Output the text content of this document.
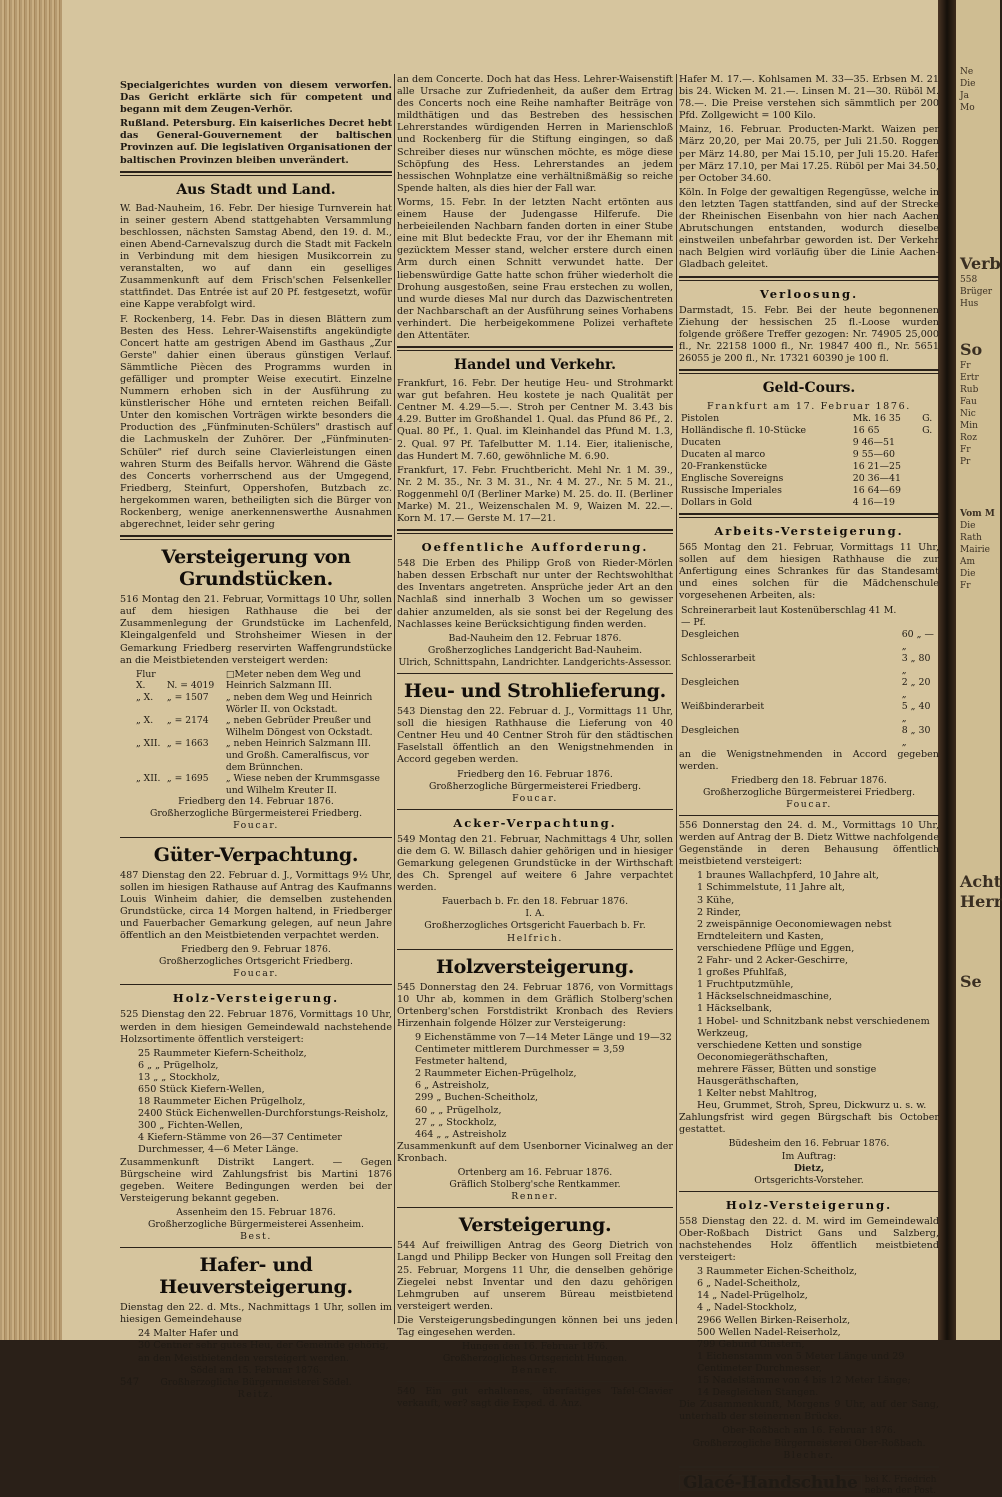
Specialgerichtes wurden von diesem verworfen. Das Gericht erklärte sich für competent und begann mit dem Zeugen-Verhör.

Rußland. Petersburg. Ein kaiserliches Decret hebt das General-Gouvernement der baltischen Provinzen auf. Die legislativen Organisationen der baltischen Provinzen bleiben unverändert.

Aus Stadt und Land.

W. Bad-Nauheim, 16. Febr. Der hiesige Turnverein hat in seiner gestern Abend stattgehabten Versammlung beschlossen, nächsten Samstag Abend, den 19. d. M., einen Abend-Carnevalszug durch die Stadt mit Fackeln in Verbindung mit dem hiesigen Musikcorrein zu veranstalten, wo auf dann ein geselliges Zusammenkunft auf dem Frisch'schen Felsenkeller stattfindet. Das Entrée ist auf 20 Pf. festgesetzt, wofür eine Kappe verabfolgt wird.

F. Rockenberg, 14. Febr. Das in diesen Blättern zum Besten des Hess. Lehrer-Waisenstifts angekündigte Concert hatte am gestrigen Abend im Gasthaus „Zur Gerste" dahier einen überaus günstigen Verlauf. Sämmtliche Piècen des Programms wurden in gefälliger und prompter Weise executirt. Einzelne Nummern erhoben sich in der Ausführung zu künstlerischer Höhe und ernteten reichen Beifall. Unter den komischen Vorträgen wirkte besonders die Production des „Fünfminuten-Schülers" drastisch auf die Lachmuskeln der Zuhörer. Der „Fünfminuten-Schüler" rief durch seine Clavierleistungen einen wahren Sturm des Beifalls hervor. Während die Gäste des Concerts vorherrschend aus der Umgegend, Friedberg, Steinfurt, Oppershofen, Butzbach zc. hergekommen waren, betheiligten sich die Bürger von Rockenberg, wenige anerkennenswerthe Ausnahmen abgerechnet, leider sehr gering

Versteigerung von Grundstücken.

516 Montag den 21. Februar, Vormittags 10 Uhr, sollen auf dem hiesigen Rathhause die bei der Zusammenlegung der Grundstücke im Lachenfeld, Kleingalgenfeld und Strohsheimer Wiesen in der Gemarkung Friedberg reservirten Waffengrundstücke an die Meistbietenden versteigert werden:

Flur X. N. = 4019 □Meter neben dem Weg und Heinrich Salzmann III.
„ X. „ = 1507 „ neben dem Weg und Heinrich Wörler II. von Ockstadt.
„ X. „ = 2174 „ neben Gebrüder Preußer und Wilhelm Döngest von Ockstadt.
„ XII. „ = 1663 „ neben Heinrich Salzmann III. und Großh. Cameralfiscus, vor dem Brünnchen.
„ XII. „ = 1695 „ Wiese neben der Krummsgasse und Wilhelm Kreuter II.
Friedberg den 14. Februar 1876.
Großherzogliche Bürgermeisterei Friedberg.
Foucar.
Güter-Verpachtung.

487 Dienstag den 22. Februar d. J., Vormittags 9½ Uhr, sollen im hiesigen Rathause auf Antrag des Kaufmanns Louis Winheim dahier, die demselben zustehenden Grundstücke, circa 14 Morgen haltend, in Friedberger und Fauerbacher Gemarkung gelegen, auf neun Jahre öffentlich an den Meistbietenden verpachtet werden.

Friedberg den 9. Februar 1876.
Großherzogliches Ortsgericht Friedberg.
Foucar.
Holz-Versteigerung.

525 Dienstag den 22. Februar 1876, Vormittags 10 Uhr, werden in dem hiesigen Gemeindewald nachstehende Holzsortimente öffentlich versteigert:

25 Raummeter Kiefern-Scheitholz,
6 „ „ Prügelholz,
13 „ „ Stockholz,
650 Stück Kiefern-Wellen,
18 Raummeter Eichen Prügelholz,
2400 Stück Eichenwellen-Durchforstungs-Reisholz,
300 „ Fichten-Wellen,
4 Kiefern-Stämme von 26—37 Centimeter Durchmesser, 4—6 Meter Länge.

Zusammenkunft Distrikt Langert. — Gegen Bürgscheine wird Zahlungsfrist bis Martini 1876 gegeben. Weitere Bedingungen werden bei der Versteigerung bekannt gegeben.

Assenheim den 15. Februar 1876.
Großherzogliche Bürgermeisterei Assenheim.
Best.
Hafer- und Heuversteigerung.

Dienstag den 22. d. Mts., Nachmittags 1 Uhr, sollen im hiesigen Gemeindehause

24 Malter Hafer und
30 Centner sehr gutes Heu, der Gemeinde gehörig, an den Meistbietenden versteigert werden.
Södel am 15. Februar 1876.
547	Großherzogliche Bürgermeisterei Södel.
Reitz.

an dem Concerte. Doch hat das Hess. Lehrer-Waisenstift alle Ursache zur Zufriedenheit, da außer dem Ertrag des Concerts noch eine Reihe namhafter Beiträge von mildthätigen und das Bestreben des hessischen Lehrerstandes würdigenden Herren in Marienschloß und Rockenberg für die Stiftung eingingen, so daß Schreiber dieses nur wünschen möchte, es möge diese Schöpfung des Hess. Lehrerstandes an jedem hessischen Wohnplatze eine verhältnißmäßig so reiche Spende halten, als dies hier der Fall war.

Worms, 15. Febr. In der letzten Nacht ertönten aus einem Hause der Judengasse Hilferufe. Die herbeieilenden Nachbarn fanden dorten in einer Stube eine mit Blut bedeckte Frau, vor der ihr Ehemann mit gezücktem Messer stand, welcher erstere durch einen Arm durch einen Schnitt verwundet hatte. Der liebenswürdige Gatte hatte schon früher wiederholt die Drohung ausgestoßen, seine Frau erstechen zu wollen, und wurde dieses Mal nur durch das Dazwischentreten der Nachbarschaft an der Ausführung seines Vorhabens verhindert. Die herbeigekommene Polizei verhaftete den Attentäter.

Handel und Verkehr.

Frankfurt, 16. Febr. Der heutige Heu- und Strohmarkt war gut befahren. Heu kostete je nach Qualität per Centner M. 4.29—5.—. Stroh per Centner M. 3.43 bis 4.29. Butter im Großhandel 1. Qual. das Pfund 86 Pf., 2. Qual. 80 Pf., 1. Qual. im Kleinhandel das Pfund M. 1.3, 2. Qual. 97 Pf. Tafelbutter M. 1.14. Eier, italienische, das Hundert M. 7.60, gewöhnliche M. 6.90.

Frankfurt, 17. Febr. Fruchtbericht. Mehl Nr. 1 M. 39., Nr. 2 M. 35., Nr. 3 M. 31., Nr. 4 M. 27., Nr. 5 M. 21., Roggenmehl 0/I (Berliner Marke) M. 25. do. II. (Berliner Marke) M. 21., Weizenschalen M. 9, Waizen M. 22.—. Korn M. 17.— Gerste M. 17—21.

Oeffentliche Aufforderung.

548 Die Erben des Philipp Groß von Rieder-Mörlen haben dessen Erbschaft nur unter der Rechtswohlthat des Inventars angetreten. Ansprüche jeder Art an den Nachlaß sind innerhalb 3 Wochen um so gewisser dahier anzumelden, als sie sonst bei der Regelung des Nachlasses keine Berücksichtigung finden werden.

Bad-Nauheim den 12. Februar 1876.
Großherzogliches Landgericht Bad-Nauheim.
Ulrich, Schnittspahn, Landrichter. Landgerichts-Assessor.
Heu- und Strohlieferung.

543 Dienstag den 22. Februar d. J., Vormittags 11 Uhr, soll die hiesigen Rathhause die Lieferung von 40 Centner Heu und 40 Centner Stroh für den städtischen Faselstall öffentlich an den Wenigstnehmenden in Accord gegeben werden.

Friedberg den 16. Februar 1876.
Großherzogliche Bürgermeisterei Friedberg.
Foucar.
Acker-Verpachtung.

549 Montag den 21. Februar, Nachmittags 4 Uhr, sollen die dem G. W. Billasch dahier gehörigen und in hiesiger Gemarkung gelegenen Grundstücke in der Wirthschaft des Ch. Sprengel auf weitere 6 Jahre verpachtet werden.

Fauerbach b. Fr. den 18. Februar 1876.
I. A.
Großherzogliches Ortsgericht Fauerbach b. Fr.
Helfrich.
Holzversteigerung.

545 Donnerstag den 24. Februar 1876, von Vormittags 10 Uhr ab, kommen in dem Gräflich Stolberg'schen Ortenberg'schen Forstdistrikt Kronbach des Reviers Hirzenhain folgende Hölzer zur Versteigerung:

9 Eichenstämme von 7—14 Meter Länge und 19—32 Centimeter mittlerem Durchmesser = 3,59 Festmeter haltend,
2 Raummeter Eichen-Prügelholz,
6 „ Astreisholz,
299 „ Buchen-Scheitholz,
60 „ „ Prügelholz,
27 „ „ Stockholz,
464 „ „ Astreisholz

Zusammenkunft auf dem Usenborner Vicinalweg an der Kronbach.

Ortenberg am 16. Februar 1876.
Gräflich Stolberg'sche Rentkammer.
Renner.
Versteigerung.

544 Auf freiwilligen Antrag des Georg Dietrich von Langd und Philipp Becker von Hungen soll Freitag den 25. Februar, Morgens 11 Uhr, die denselben gehörige Ziegelei nebst Inventar und den dazu gehörigen Lehmgruben auf unserem Büreau meistbietend versteigert werden.

Die Versteigerungsbedingungen können bei uns jeden Tag eingesehen werden.

Hungen den 16. Februar 1876.
Großherzogliches Ortsgericht Hungen.
Benner.

540 Ein gut erhaltenes, überfaitiges Tafel-Clavier verkauft, wer? sagt die Exped. d. Anz.

Hafer M. 17.—. Kohlsamen M. 33—35. Erbsen M. 21 bis 24. Wicken M. 21.—. Linsen M. 21—30. Rüböl M. 78.—. Die Preise verstehen sich sämmtlich per 200 Pfd. Zollgewicht = 100 Kilo.

Mainz, 16. Februar. Producten-Markt. Waizen per März 20,20, per Mai 20.75, per Juli 21.50. Roggen per März 14.80, per Mai 15.10, per Juli 15.20. Hafer per März 17.10, per Mai 17.25. Rüböl per Mai 34.50, per October 34.60.

Köln. In Folge der gewaltigen Regengüsse, welche in den letzten Tagen stattfanden, sind auf der Strecke der Rheinischen Eisenbahn von hier nach Aachen Abrutschungen entstanden, wodurch dieselbe einstweilen unbefahrbar geworden ist. Der Verkehr nach Belgien wird vorläufig über die Linie Aachen-Gladbach geleitet.

Verloosung.

Darmstadt, 15. Febr. Bei der heute begonnenen Ziehung der hessischen 25 fl.-Loose wurden folgende größere Treffer gezogen: Nr. 74905 25,000 fl., Nr. 22158 1000 fl., Nr. 19847 400 fl., Nr. 5651 26055 je 200 fl., Nr. 17321 60390 je 100 fl.

Geld-Cours.
Frankfurt am 17. Februar 1876.
Pistolen	Mk. 16 35	G.
Holländische fl. 10-Stücke	16 65	G.
Ducaten	9 46—51	
Ducaten al marco	9 55—60	
20-Frankenstücke	16 21—25	
Englische Sovereigns	20 36—41	
Russische Imperiales	16 64—69	
Dollars in Gold	4 16—19	
Arbeits-Versteigerung.

565 Montag den 21. Februar, Vormittags 11 Uhr, sollen auf dem hiesigen Rathhause die zur Anfertigung eines Schrankes für das Standesamt und eines solchen für die Mädchenschule vorgesehenen Arbeiten, als:

Schreinerarbeit laut Kostenüberschlag 41 M. — Pf.	
Desgleichen	60 „ — „
Schlosserarbeit	3 „ 80 „
Desgleichen	2 „ 20 „
Weißbinderarbeit	5 „ 40 „
Desgleichen	8 „ 30 „

an die Wenigstnehmenden in Accord gegeben werden.

Friedberg den 18. Februar 1876.
Großherzogliche Bürgermeisterei Friedberg.
Foucar.

556 Donnerstag den 24. d. M., Vormittags 10 Uhr, werden auf Antrag der B. Dietz Wittwe nachfolgende Gegenstände in deren Behausung öffentlich meistbietend versteigert:

1 braunes Wallachpferd, 10 Jahre alt,
1 Schimmelstute, 11 Jahre alt,
3 Kühe,
2 Rinder,
2 zweispännige Oeconomiewagen nebst Erndteleitern und Kasten,
verschiedene Pflüge und Eggen,
2 Fahr- und 2 Acker-Geschirre,
1 großes Pfuhlfaß,
1 Fruchtputzmühle,
1 Häckselschneidmaschine,
1 Häckselbank,
1 Hobel- und Schnitzbank nebst verschiedenem Werkzeug,
verschiedene Ketten und sonstige Oeconomiegeräthschaften,
mehrere Fässer, Bütten und sonstige Hausgeräthschaften,
1 Kelter nebst Mahltrog,
Heu, Grummet, Stroh, Spreu, Dickwurz u. s. w.

Zahlungsfrist wird gegen Bürgschaft bis October gestattet.

Büdesheim den 16. Februar 1876.
Im Auftrag:
Dietz,
Ortsgerichts-Vorsteher.
Holz-Versteigerung.

558 Dienstag den 22. d. M. wird im Gemeindewald Ober-Roßbach District Gans und Salzberg, nachstehendes Holz öffentlich meistbietend versteigert:

3 Raummeter Eichen-Scheitholz,
6 „ Nadel-Scheitholz,
14 „ Nadel-Prügelholz,
4 „ Nadel-Stockholz,
2966 Wellen Birken-Reiserholz,
500 Wellen Nadel-Reiserholz,
799 Gebund Ginstern,
1 Eichenstamm von 5 Meter Länge und 29 Centimeter Durchmesser,
15 Nadelstämme von 4 bis 12 Meter Länge;
14 Desgleichen Stangen.

Die Zusammenkunft, Morgens 9 Uhr, auf der Sang, unterhalb der steinernen Brücke.

Ober-Roßbach am 16. Februar 1876.
Großherzogliche Bürgermeisterei Ober-Roßbach.
Blecher.
Glacé-Handschuhe bei K. Friedrich neben der Post.
Ne
Die
Ja
Mo
Verb
558
Brüger
Hus
So
Fr
Ertr
Rub
Fau
Nic
Min
Roz
Fr
Pr
Vom M
Die
Rath
Mairie
Am
Die
Fr
Acht
Herr
Se
